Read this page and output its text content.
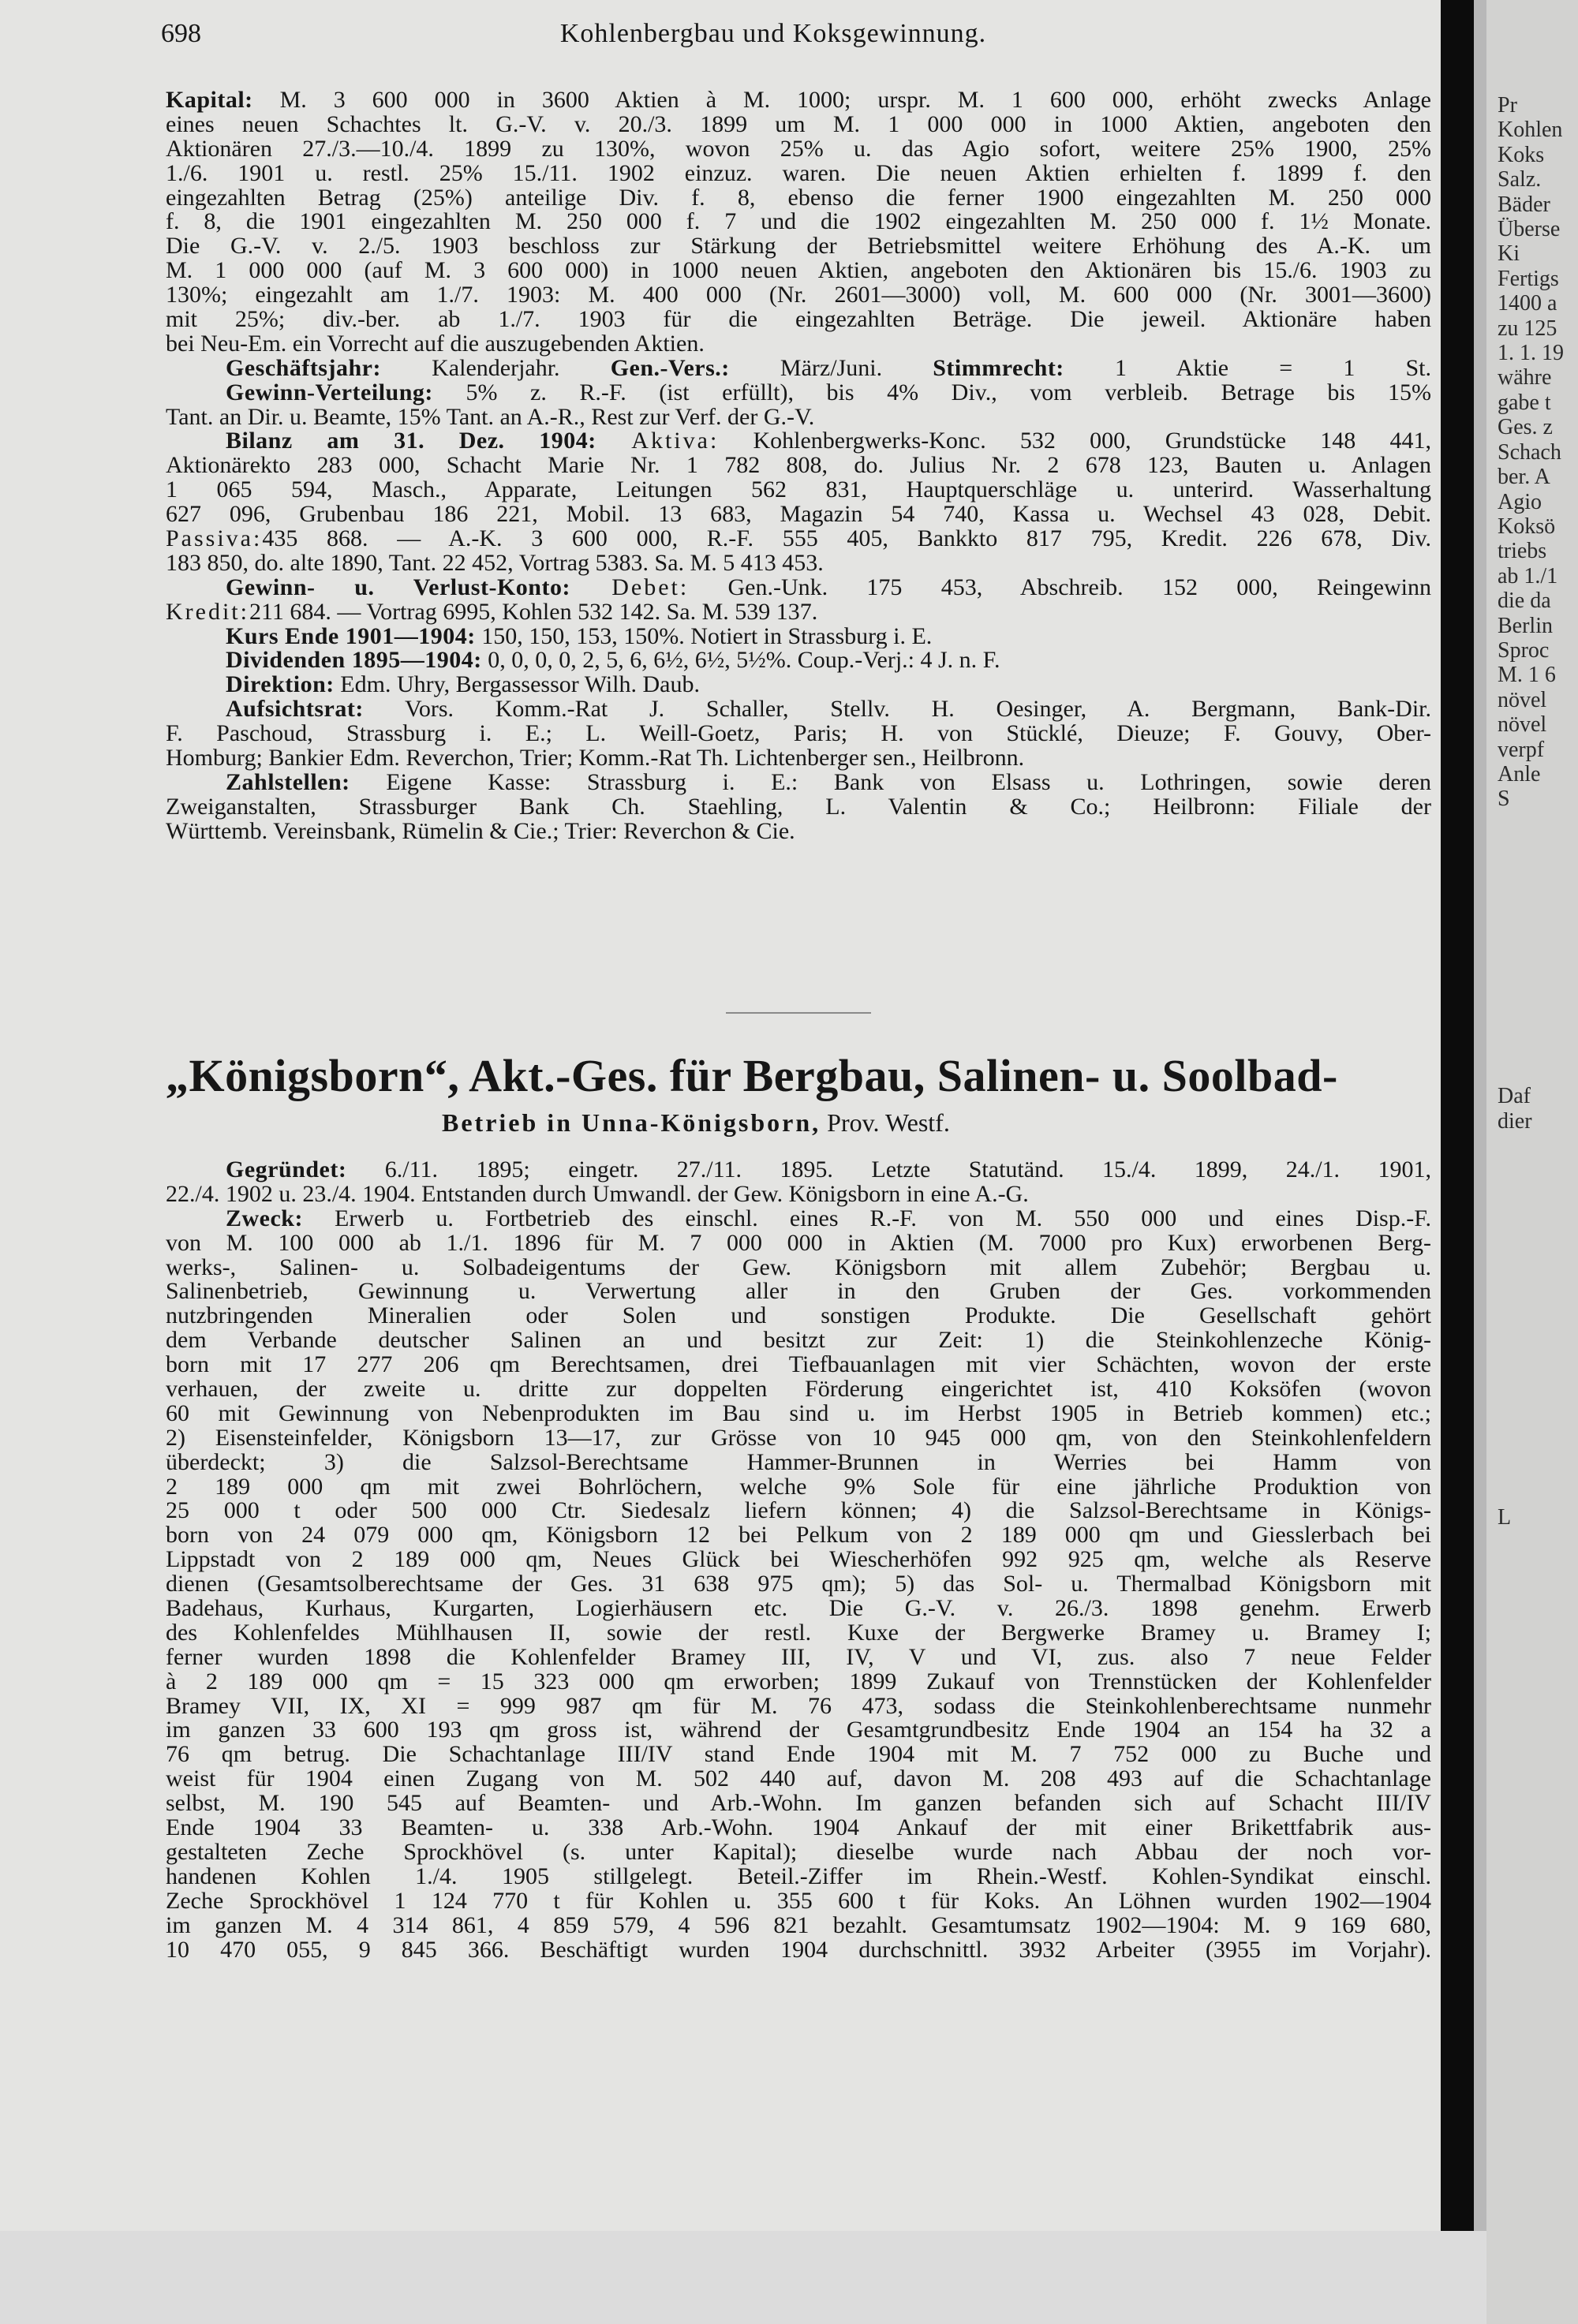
698	Kohlenbergbau und Koksgewinnung.
Kapital: M. 3 600 000 in 3600 Aktien à M. 1000; urspr. M. 1 600 000, erhöht zwecks Anlage
eines neuen Schachtes lt. G.-V. v. 20./3. 1899 um M. 1 000 000 in 1000 Aktien, angeboten den
Aktionären 27./3.—10./4. 1899 zu 130%, wovon 25% u. das Agio sofort, weitere 25% 1900, 25%
1./6. 1901 u. restl. 25% 15./11. 1902 einzuz. waren. Die neuen Aktien erhielten f. 1899 f. den
eingezahlten Betrag (25%) anteilige Div. f. 8, ebenso die ferner 1900 eingezahlten M. 250 000
f. 8, die 1901 eingezahlten M. 250 000 f. 7 und die 1902 eingezahlten M. 250 000 f. 1½ Monate.
Die G.-V. v. 2./5. 1903 beschloss zur Stärkung der Betriebsmittel weitere Erhöhung des A.-K. um
M. 1 000 000 (auf M. 3 600 000) in 1000 neuen Aktien, angeboten den Aktionären bis 15./6. 1903 zu
130%; eingezahlt am 1./7. 1903: M. 400 000 (Nr. 2601—3000) voll, M. 600 000 (Nr. 3001—3600)
mit 25%; div.-ber. ab 1./7. 1903 für die eingezahlten Beträge. Die jeweil. Aktionäre haben
bei Neu-Em. ein Vorrecht auf die auszugebenden Aktien.
Geschäftsjahr: Kalenderjahr. Gen.-Vers.: März/Juni. Stimmrecht: 1 Aktie = 1 St.
Gewinn-Verteilung: 5% z. R.-F. (ist erfüllt), bis 4% Div., vom verbleib. Betrage bis 15%
Tant. an Dir. u. Beamte, 15% Tant. an A.-R., Rest zur Verf. der G.-V.
Bilanz am 31. Dez. 1904: Aktiva: Kohlenbergwerks-Konc. 532 000, Grundstücke 148 441,
Aktionärekto 283 000, Schacht Marie Nr. 1 782 808, do. Julius Nr. 2 678 123, Bauten u. Anlagen
1 065 594, Masch., Apparate, Leitungen 562 831, Hauptquerschläge u. unterird. Wasserhaltung
627 096, Grubenbau 186 221, Mobil. 13 683, Magazin 54 740, Kassa u. Wechsel 43 028, Debit.
Passiva:435 868. — A.-K. 3 600 000, R.-F. 555 405, Bankkto 817 795, Kredit. 226 678, Div.
183 850, do. alte 1890, Tant. 22 452, Vortrag 5383. Sa. M. 5 413 453.
Gewinn- u. Verlust-Konto: Debet: Gen.-Unk. 175 453, Abschreib. 152 000, Reingewinn
Kredit:211 684. — Vortrag 6995, Kohlen 532 142. Sa. M. 539 137.
Kurs Ende 1901—1904: 150, 150, 153, 150%. Notiert in Strassburg i. E.
Dividenden 1895—1904: 0, 0, 0, 0, 2, 5, 6, 6½, 6½, 5½%. Coup.-Verj.: 4 J. n. F.
Direktion: Edm. Uhry, Bergassessor Wilh. Daub.
Aufsichtsrat: Vors. Komm.-Rat J. Schaller, Stellv. H. Oesinger, A. Bergmann, Bank-Dir.
F. Paschoud, Strassburg i. E.; L. Weill-Goetz, Paris; H. von Stücklé, Dieuze; F. Gouvy, Ober-
Homburg; Bankier Edm. Reverchon, Trier; Komm.-Rat Th. Lichtenberger sen., Heilbronn.
Zahlstellen: Eigene Kasse: Strassburg i. E.: Bank von Elsass u. Lothringen, sowie deren
Zweiganstalten, Strassburger Bank Ch. Staehling, L. Valentin & Co.; Heilbronn: Filiale der
Württemb. Vereinsbank, Rümelin & Cie.; Trier: Reverchon & Cie.
„Königsborn“, Akt.-Ges. für Bergbau, Salinen- u. Soolbad-
Betrieb in Unna-Königsborn, Prov. Westf.
Gegründet: 6./11. 1895; eingetr. 27./11. 1895. Letzte Statutänd. 15./4. 1899, 24./1. 1901,
22./4. 1902 u. 23./4. 1904. Entstanden durch Umwandl. der Gew. Königsborn in eine A.-G.
Zweck: Erwerb u. Fortbetrieb des einschl. eines R.-F. von M. 550 000 und eines Disp.-F.
von M. 100 000 ab 1./1. 1896 für M. 7 000 000 in Aktien (M. 7000 pro Kux) erworbenen Berg-
werks-, Salinen- u. Solbadeigentums der Gew. Königsborn mit allem Zubehör; Bergbau u.
Salinenbetrieb, Gewinnung u. Verwertung aller in den Gruben der Ges. vorkommenden
nutzbringenden Mineralien oder Solen und sonstigen Produkte. Die Gesellschaft gehört
dem Verbande deutscher Salinen an und besitzt zur Zeit: 1) die Steinkohlenzeche König-
born mit 17 277 206 qm Berechtsamen, drei Tiefbauanlagen mit vier Schächten, wovon der erste
verhauen, der zweite u. dritte zur doppelten Förderung eingerichtet ist, 410 Koksöfen (wovon
60 mit Gewinnung von Nebenprodukten im Bau sind u. im Herbst 1905 in Betrieb kommen) etc.;
2) Eisensteinfelder, Königsborn 13—17, zur Grösse von 10 945 000 qm, von den Steinkohlenfeldern
überdeckt; 3) die Salzsol-Berechtsame Hammer-Brunnen in Werries bei Hamm von
2 189 000 qm mit zwei Bohrlöchern, welche 9% Sole für eine jährliche Produktion von
25 000 t oder 500 000 Ctr. Siedesalz liefern können; 4) die Salzsol-Berechtsame in Königs-
born von 24 079 000 qm, Königsborn 12 bei Pelkum von 2 189 000 qm und Giesslerbach bei
Lippstadt von 2 189 000 qm, Neues Glück bei Wiescherhöfen 992 925 qm, welche als Reserve
dienen (Gesamtsolberechtsame der Ges. 31 638 975 qm); 5) das Sol- u. Thermalbad Königsborn mit
Badehaus, Kurhaus, Kurgarten, Logierhäusern etc. Die G.-V. v. 26./3. 1898 genehm. Erwerb
des Kohlenfeldes Mühlhausen II, sowie der restl. Kuxe der Bergwerke Bramey u. Bramey I;
ferner wurden 1898 die Kohlenfelder Bramey III, IV, V und VI, zus. also 7 neue Felder
à 2 189 000 qm = 15 323 000 qm erworben; 1899 Zukauf von Trennstücken der Kohlenfelder
Bramey VII, IX, XI = 999 987 qm für M. 76 473, sodass die Steinkohlenberechtsame nunmehr
im ganzen 33 600 193 qm gross ist, während der Gesamtgrundbesitz Ende 1904 an 154 ha 32 a
76 qm betrug. Die Schachtanlage III/IV stand Ende 1904 mit M. 7 752 000 zu Buche und
weist für 1904 einen Zugang von M. 502 440 auf, davon M. 208 493 auf die Schachtanlage
selbst, M. 190 545 auf Beamten- und Arb.-Wohn. Im ganzen befanden sich auf Schacht III/IV
Ende 1904 33 Beamten- u. 338 Arb.-Wohn. 1904 Ankauf der mit einer Brikettfabrik aus-
gestalteten Zeche Sprockhövel (s. unter Kapital); dieselbe wurde nach Abbau der noch vor-
handenen Kohlen 1./4. 1905 stillgelegt. Beteil.-Ziffer im Rhein.-Westf. Kohlen-Syndikat einschl.
Zeche Sprockhövel 1 124 770 t für Kohlen u. 355 600 t für Koks. An Löhnen wurden 1902—1904
im ganzen M. 4 314 861, 4 859 579, 4 596 821 bezahlt. Gesamtumsatz 1902—1904: M. 9 169 680,
10 470 055, 9 845 366. Beschäftigt wurden 1904 durchschnittl. 3932 Arbeiter (3955 im Vorjahr).
Pr
Kohlen
Koks
Salz.
Bäder
Überse
Ki
Fertigs
1400 a
zu 125
1. 1. 19
währe
gabe t
Ges. z
Schach
ber. A
Agio
Koksö
triebs
ab 1./1
die da
Berlin
Sproc
M. 1 6
növel
növel
verpf
Anle
S

Daf
dier

L
